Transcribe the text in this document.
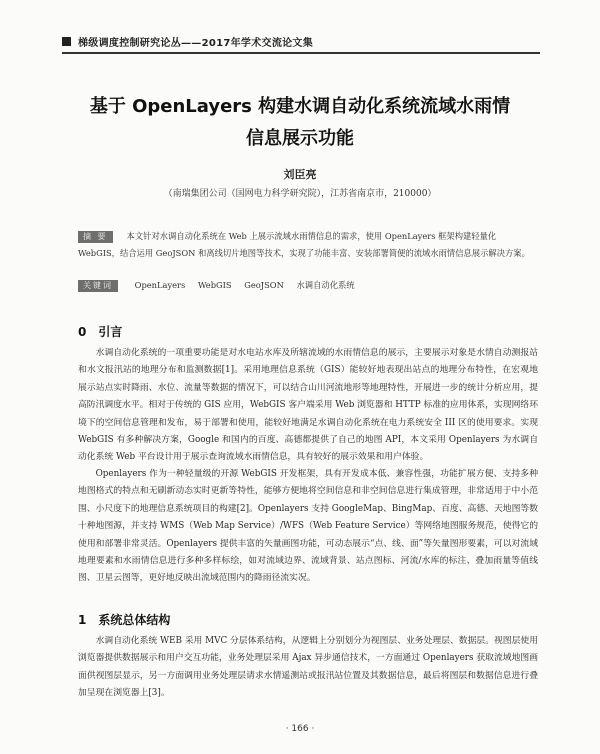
梯级调度控制研究论丛——2017年学术交流论文集
基于 OpenLayers 构建水调自动化系统流域水雨情
信息展示功能
刘臣亮
（南瑞集团公司（国网电力科学研究院），江苏省南京市，210000）
摘 要 本文针对水调自动化系统在 Web 上展示流域水雨情信息的需求，使用 OpenLayers 框架构建轻量化 WebGIS，结合运用 GeoJSON 和离线切片地图等技术，实现了功能丰富、安装部署简便的流域水雨情信息展示解决方案。
关键词	OpenLayers WebGIS GeoJSON 水调自动化系统
0　引言
水调自动化系统的一项重要功能是对水电站水库及所辖流域的水雨情信息的展示，主要展示对象是水情自动测报站和水文报汛站的地理分布和监测数据[1]。采用地理信息系统（GIS）能较好地表现出站点的地理分布特性，在宏观地展示站点实时降雨、水位、流量等数据的情况下，可以结合山川河流地形等地理特性，开展进一步的统计分析应用，提高防汛调度水平。相对于传统的 GIS 应用，WebGIS 客户端采用 Web 浏览器和 HTTP 标准的应用体系，实现网络环境下的空间信息管理和发布，易于部署和使用，能较好地满足水调自动化系统在电力系统安全 III 区的使用要求。实现 WebGIS 有多种解决方案，Google 和国内的百度、高德都提供了自己的地图 API，本文采用 Openlayers 为水调自动化系统 Web 平台设计用于展示查询流域水雨情信息，具有较好的展示效果和用户体验。
Openlayers 作为一种轻量级的开源 WebGIS 开发框架，具有开发成本低、兼容性强，功能扩展方便、支持多种地图格式的特点和无刷新动态实时更新等特性，能够方便地将空间信息和非空间信息进行集成管理，非常适用于中小范围、小尺度下的地理信息系统项目的构建[2]。Openlayers 支持 GoogleMap、BingMap、百度、高德、天地图等数十种地图源，并支持 WMS（Web Map Service）/WFS（Web Feature Service）等网络地图服务规范，使得它的使用和部署非常灵活。Openlayers 提供丰富的矢量画图功能，可动态展示“点、线、面”等矢量图形要素，可以对流域地理要素和水雨情信息进行多种多样标绘，如对流域边界、流域背景、站点图标、河流/水库的标注、叠加雨量等值线图、卫星云图等，更好地反映出流域范围内的降雨径流实况。
1　系统总体结构
水调自动化系统 WEB 采用 MVC 分层体系结构，从逻辑上分别划分为视图层、业务处理层、数据层。视图层使用浏览器提供数据展示和用户交互功能，业务处理层采用 Ajax 异步通信技术，一方面通过 Openlayers 获取流域地图画面供视图层显示，另一方面调用业务处理层请求水情遥测站或报汛站位置及其数据信息，最后将图层和数据信息进行叠加呈现在浏览器上[3]。
· 166 ·
